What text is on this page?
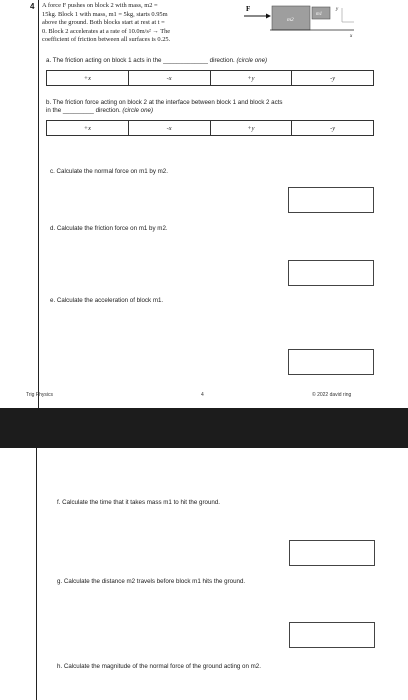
4 A force F pushes on block 2 with mass, m2 =
15kg. Block 1 with mass, m1 = 5kg, starts 0.95m
above the ground. Both blocks start at rest at t =
0. Block 2 accelerates at a rate of 10.0m/s² → The
coefficient of friction between all surfaces is 0.25.
F
m2
m1
y
x
a. The friction acting on block 1 acts in the _____________ direction. (circle one)
+x	-x	+y	-y
b. The friction force acting on block 2 at the interface between block 1 and block 2 acts
in the _________ direction. (circle one)
+x	-x	+y	-y
c. Calculate the normal force on m1 by m2.
d. Calculate the friction force on m1 by m2.
e. Calculate the acceleration of block m1.
Trig Physics	4	© 2022 david ring
f. Calculate the time that it takes mass m1 to hit the ground.
g. Calculate the distance m2 travels before block m1 hits the ground.
h. Calculate the magnitude of the normal force of the ground acting on m2.
